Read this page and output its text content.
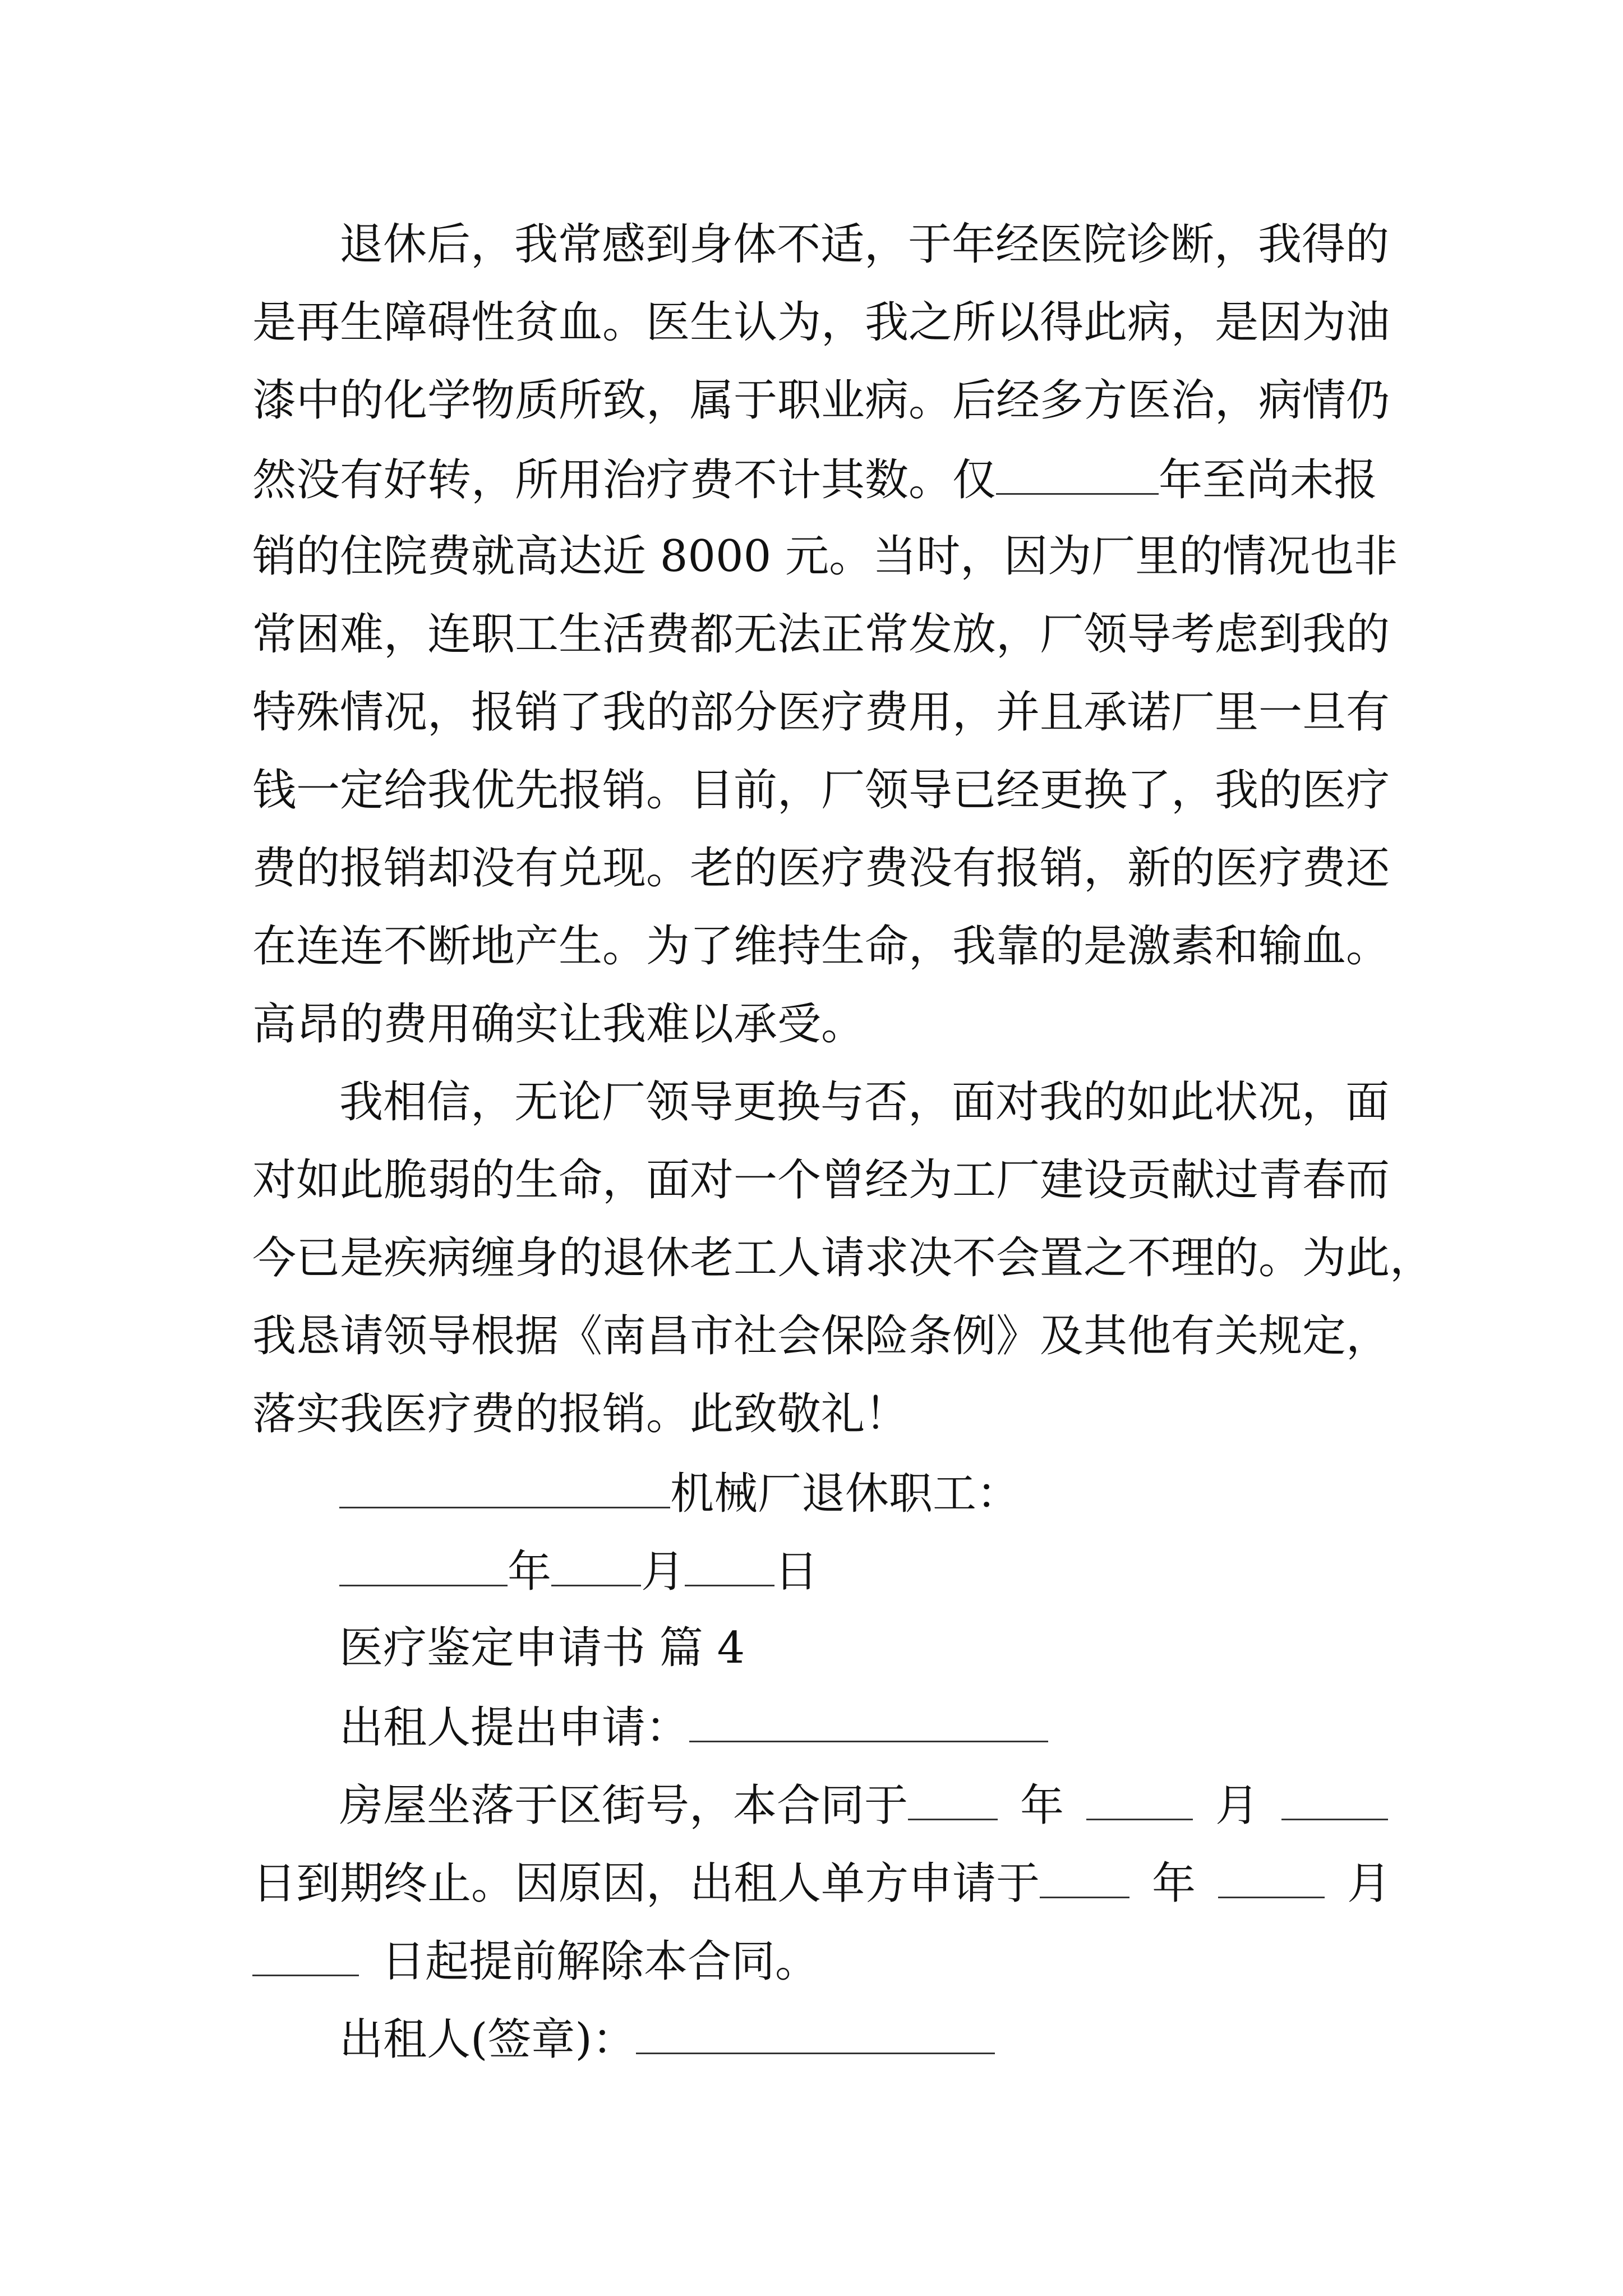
退休后，我常感到身体不适，于年经医院诊断，我得的
是再生障碍性贫血。医生认为，我之所以得此病，是因为油
漆中的化学物质所致，属于职业病。后经多方医治，病情仍
然没有好转，所用治疗费不计其数。仅	年至尚未报
销的住院费就高达近 8000 元。当时，因为厂里的情况也非
常困难，连职工生活费都无法正常发放，厂领导考虑到我的
特殊情况，报销了我的部分医疗费用，并且承诺厂里一旦有
钱一定给我优先报销。目前，厂领导已经更换了，我的医疗
费的报销却没有兑现。老的医疗费没有报销，新的医疗费还
在连连不断地产生。为了维持生命，我靠的是激素和输血。
高昂的费用确实让我难以承受。
我相信，无论厂领导更换与否，面对我的如此状况，面
对如此脆弱的生命，面对一个曾经为工厂建设贡献过青春而
今已是疾病缠身的退休老工人请求决不会置之不理的。为此，
我恳请领导根据《南昌市社会保险条例》及其他有关规定，
落实我医疗费的报销。此致敬礼！
机械厂退休职工：
年 月 日
医疗鉴定申请书 篇 4
出租人提出申请：
房屋坐落于区街号，本合同于	年	月
日到期终止。因原因，出租人单方申请于	年	月
日起提前解除本合同。
出租人(签章)：
